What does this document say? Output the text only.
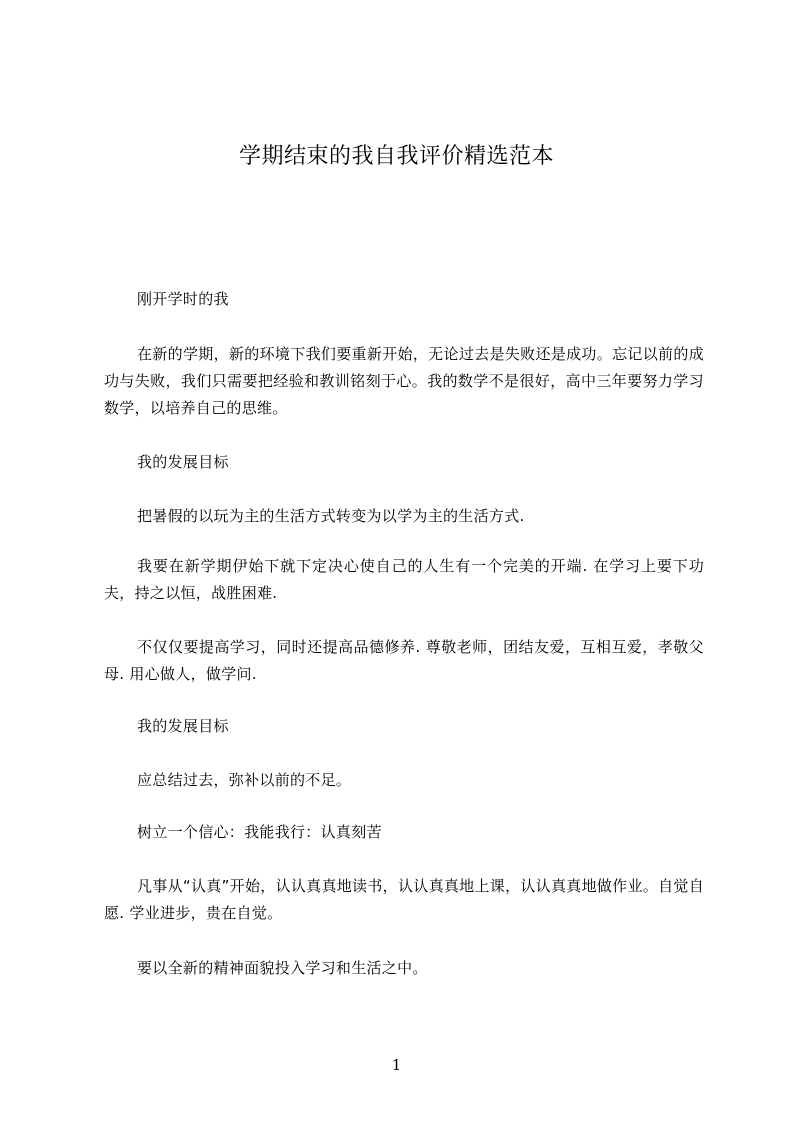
学期结束的我自我评价精选范本
刚开学时的我
在新的学期，新的环境下我们要重新开始，无论过去是失败还是成功。忘记以前的成功与失败，我们只需要把经验和教训铭刻于心。我的数学不是很好，高中三年要努力学习数学，以培养自己的思维。
我的发展目标
把暑假的以玩为主的生活方式转变为以学为主的生活方式.
我要在新学期伊始下就下定决心使自己的人生有一个完美的开端. 在学习上要下功夫，持之以恒，战胜困难.
不仅仅要提高学习，同时还提高品德修养. 尊敬老师，团结友爱，互相互爱，孝敬父母. 用心做人，做学问.
我的发展目标
应总结过去，弥补以前的不足。
树立一个信心：我能我行：认真刻苦
凡事从“认真”开始，认认真真地读书，认认真真地上课，认认真真地做作业。自觉自愿. 学业进步，贵在自觉。
要以全新的精神面貌投入学习和生活之中。
1
